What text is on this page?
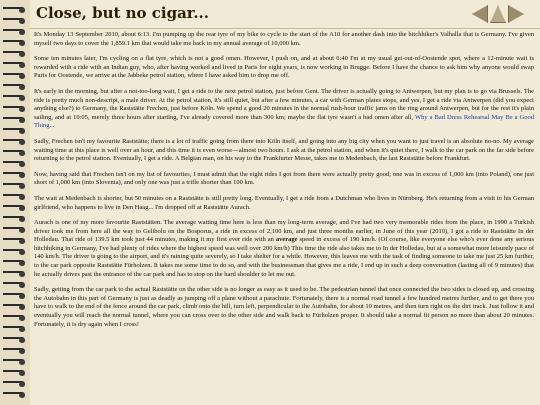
Close, but no cigar...

It's Monday 13 September 2010, about 6:13. I'm pumping up the rear tyre of my bike to cycle to the start of the A10 for another dash into the hitchhiker's Valhalla that is Germany. I've given myself two days to cover the 1,859.1 km that would take me back to my annual average of 10,000 km.

Some ten minutes later, I'm cycling on a flat tyre, which is not a good omen. However, I push on, and at about 6:40 I'm at my usual get-out-of-Oostende spot, where a 12-minute wait is rewarded with a ride with an Indian guy, who, after having worked and lived in Paris for eight years, is now working in Brugge. Before I have the chance to ask him why anyone would swap Paris for Oostende, we arrive at the Jabbeke petrol station, where I have asked him to drop me off.

It's early in the morning, but after a not-too-long wait, I get a ride to the next petrol station, just before Gent. The driver is actually going to Antwerpen, but my plan is to go via Brussels. The ride is pretty much non-descript, a male driver. At the petrol station, it's still quiet, but after a few minutes, a car with German plates stops, and yes, I get a ride via Antwerpen (did you expect anything else?) to Germany, the Raststätte Frechen, just before Köln. We spend a good 20 minutes in the normal rush-hour traffic jams on the ring around Antwerpen, but for the rest it's plain sailing, and at 10:05, merely three hours after starting, I've already covered more than 300 km; maybe the flat tyre wasn't a bad omen after all, Why a Bad Dress Rehearsal May Be a Good Thing...

Sadly, Frechen isn't my favourite Raststätte; there is a lot of traffic going from there into Köln itself, and going into any big city when you want to just travel is an absolute no-no. My average waiting time at this place is well over an hour, and this time it is even worse—almost two hours. I ask at the petrol station, and when it's quiet there, I walk to the car park on the far side before returning to the petrol station. Eventually, I get a ride. A Belgian man, on his way to the Frankfurter Messe, takes me to Medenbach, the last Raststätte before Frankfurt.

Now, having said that Frechen isn't on my list of favourites, I must admit that the eight rides I got from there were actually pretty good; one was in excess of 1,000 km (into Poland), one just short of 1,000 km (into Slovenia), and only one was just a trifle shorter than 100 km.

The wait at Medenbach is shorter, but 50 minutes on a Raststätte is still pretty long. Eventually, I get a ride from a Dutchman who lives in Nürnberg. He's returning from a visit to his German girlfriend, who happens to live in Den Haag... I'm dropped off at Raststätte Aurach.

Aurach is one of my more favourite Raststätten. The average waiting time here is less than my long-term average, and I've had two very memorable rides from the place, in 1990 a Turkish driver took me from here all the way to Gelibolu on the Bosporus, a ride in excess of 2,100 km, and just three months earlier, in June of this year (2010), I got a ride to Raststätte In der Holledau. That ride of 139.5 km took just 44 minutes, making it my first ever ride with an average speed in excess of 190 km/h. (Of course, like everyone else who's ever done any serious hitchhiking in Germany, I've had plenty of rides where the highest speed was well over 200 km/h) This time the ride also takes me to In der Holledau, but at a somewhat more leisurely pace of 140 km/h. The driver is going to the airport, and it's raining quite severely, so I take shelter for a while. However, this leaves me with the task of finding someone to take me just 25 km further, to the car park opposite Raststätte Fürholzen. It takes me some time to do so, and with the businessman that gives me a ride, I end up in such a deep conversation (lasting all of 9 minutes) that he actually drives past the entrance of the car park and has to stop on the hard shoulder to let me out.

Sadly, getting from the car park to the actual Raststätte on the other side is no longer as easy as it used to be. The pedestrian tunnel that once connected the two sides is closed up, and crossing the Autobahn in this part of Germany is just as deadly as jumping off a plane without a parachute. Fortunately, there is a normal road tunnel a few hundred metres further, and to get there you have to walk to the end of the fence around the car park, climb onto the hill, turn left, perpendicular to the Autobahn, for about 10 metres, and then turn right on the dirt track. Just follow it and eventually you will reach the normal tunnel, where you can cross over to the other side and walk back to Fürholzen proper. It should take a normal fit person no more than about 20 minutes. Fortunately, it is dry again when I cross!
